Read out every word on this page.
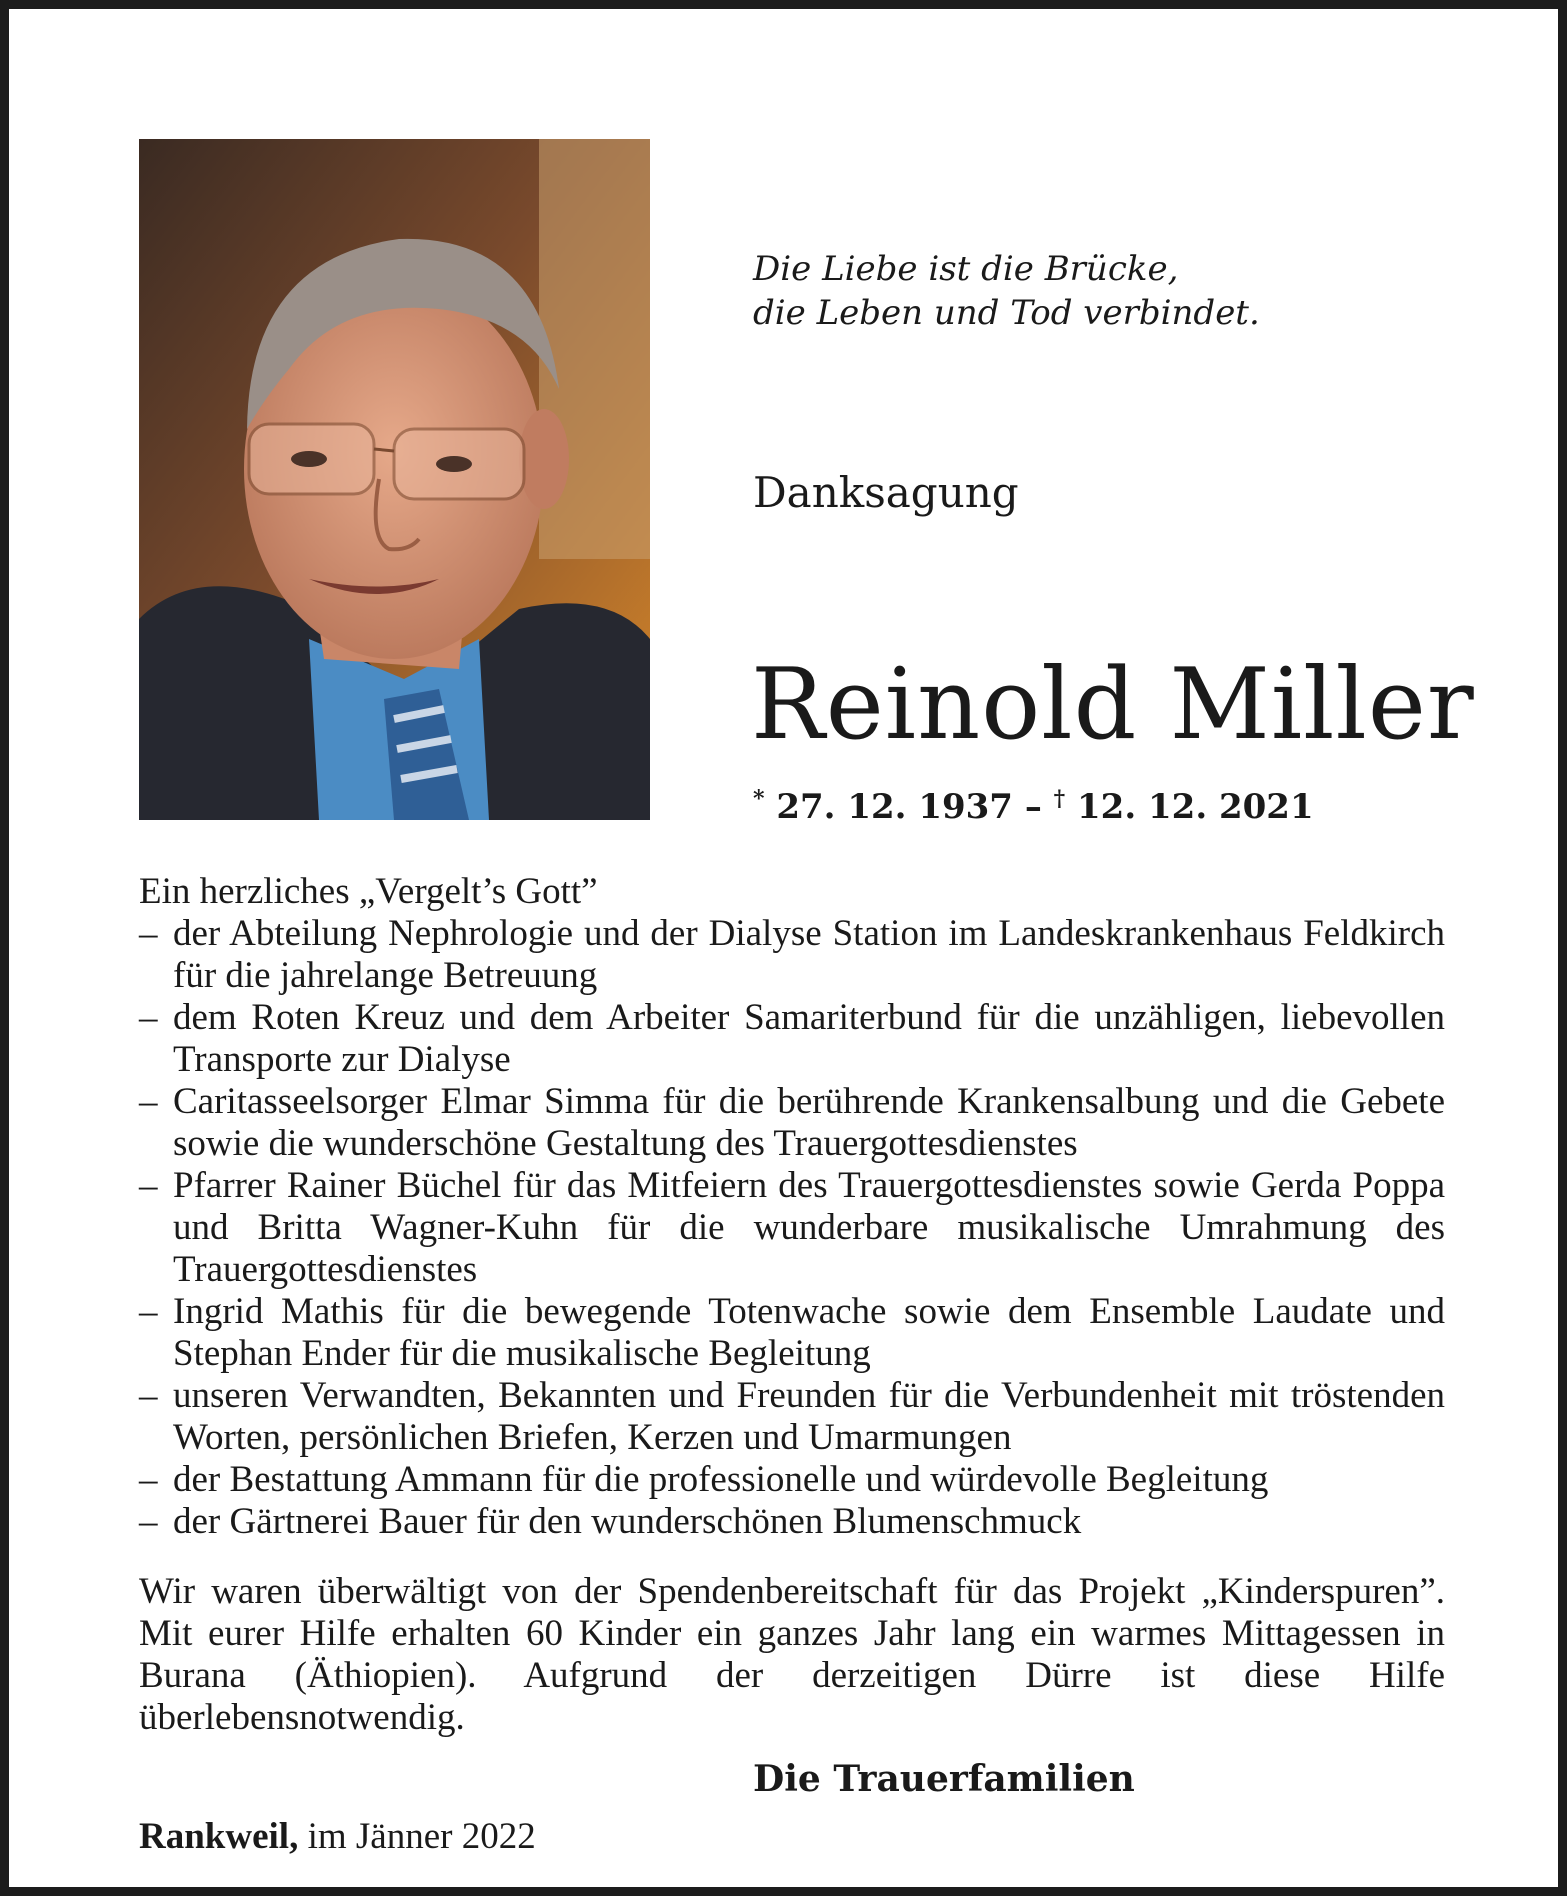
Die Liebe ist die Brücke,
die Leben und Tod verbindet.
Danksagung
Reinold Miller
* 27. 12. 1937 – † 12. 12. 2021
Ein herzliches „Vergelt’s Gott”
– der Abteilung Nephrologie und der Dialyse Station im Landeskrankenhaus Feldkirch für die jahrelange Betreuung
– dem Roten Kreuz und dem Arbeiter Samariterbund für die unzähligen, liebevollen Transporte zur Dialyse
– Caritasseelsorger Elmar Simma für die berührende Krankensalbung und die Gebete sowie die wunderschöne Gestaltung des Trauergottesdienstes
– Pfarrer Rainer Büchel für das Mitfeiern des Trauergottesdienstes sowie Gerda Poppa und Britta Wagner-Kuhn für die wunderbare musikalische Umrahmung des Trauergottesdienstes
– Ingrid Mathis für die bewegende Totenwache sowie dem Ensemble Laudate und Stephan Ender für die musikalische Begleitung
– unseren Verwandten, Bekannten und Freunden für die Verbundenheit mit tröstenden Worten, persönlichen Briefen, Kerzen und Umarmungen
– der Bestattung Ammann für die professionelle und würdevolle Begleitung
– der Gärtnerei Bauer für den wunderschönen Blumenschmuck
Wir waren überwältigt von der Spendenbereitschaft für das Projekt „Kinderspuren”. Mit eurer Hilfe erhalten 60 Kinder ein ganzes Jahr lang ein warmes Mittagessen in Burana (Äthiopien). Aufgrund der derzeitigen Dürre ist diese Hilfe überlebensnotwendig.
Die Trauerfamilien
Rankweil, im Jänner 2022
